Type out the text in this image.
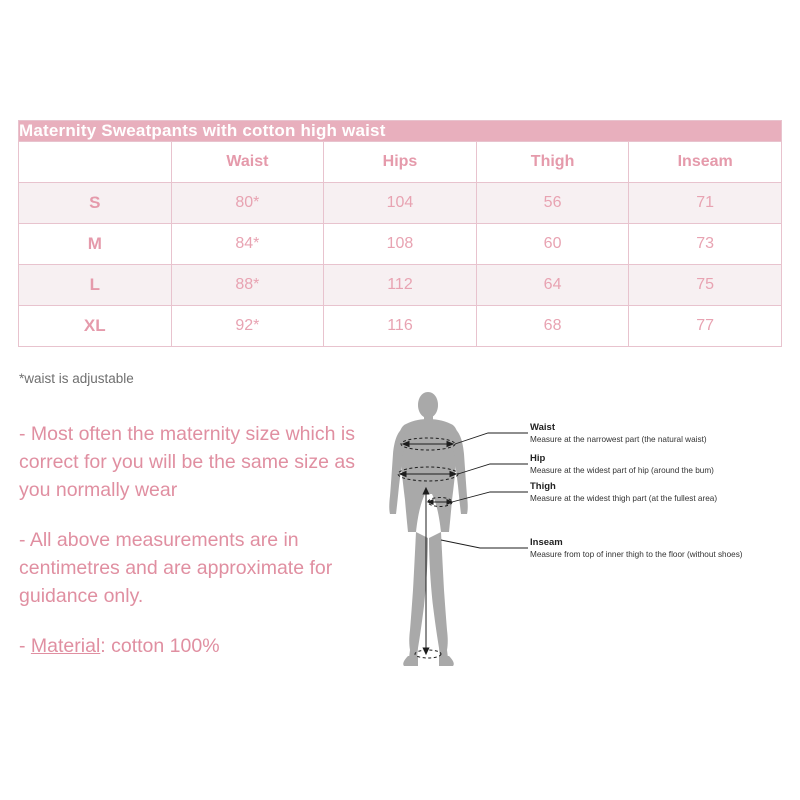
Maternity Sweatpants with cotton high waist				
	Waist	Hips	Thigh	Inseam
S	80*	104	56	71
M	84*	108	60	73
L	88*	112	64	75
XL	92*	116	68	77
*waist is adjustable
- Most often the maternity size which is correct for you will be the same size as you normally wear
- All above measurements are in centimetres and are approximate for guidance only.
- Material: cotton 100%
Waist
Measure at the narrowest part (the natural waist)
Hip
Measure at the widest part of hip (around the bum)
Thigh
Measure at the widest thigh part (at the fullest area)
Inseam
Measure from top of inner thigh to the floor (without shoes)
